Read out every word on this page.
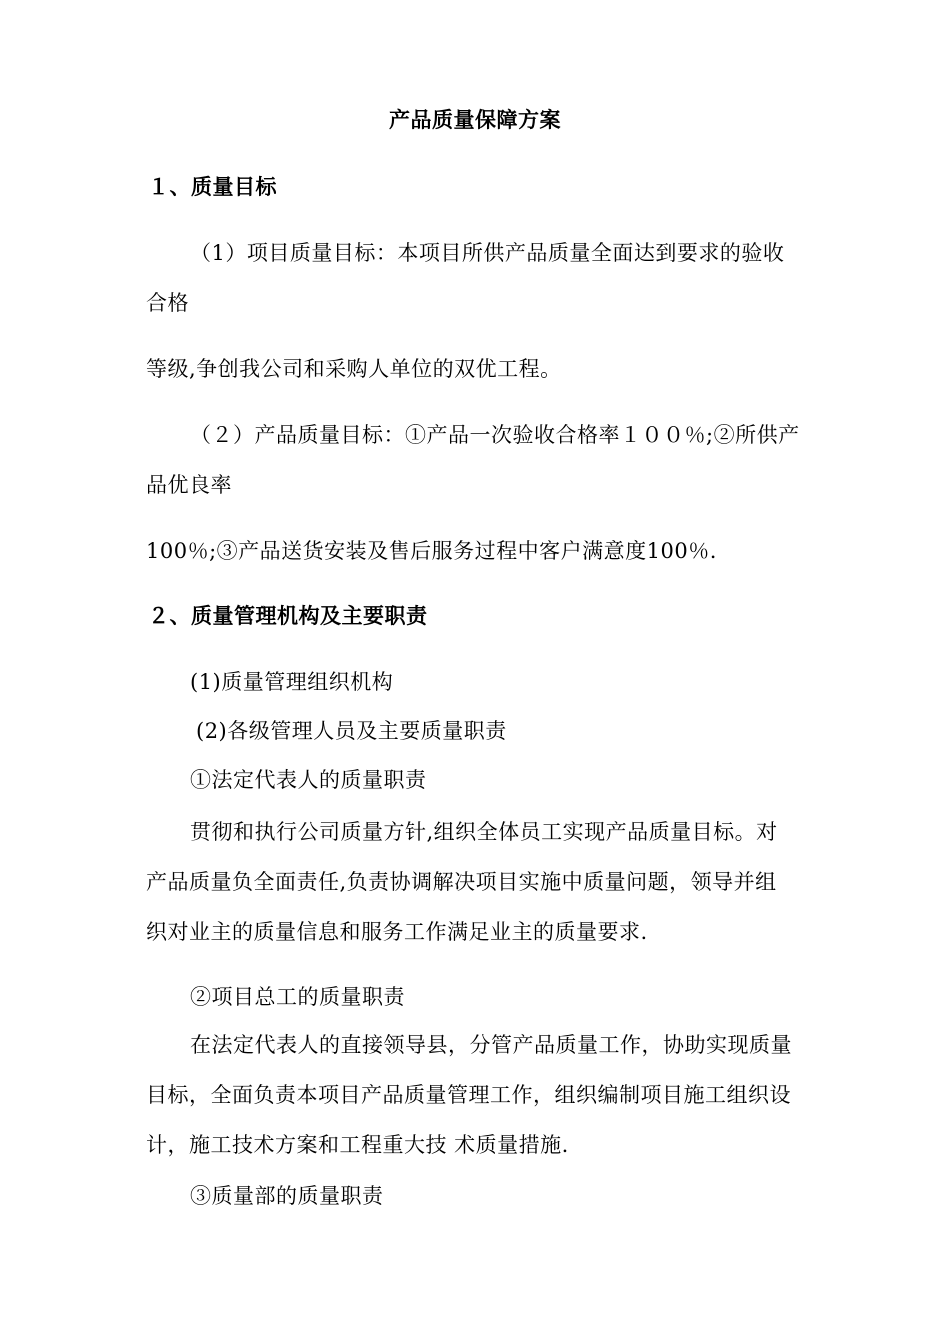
产品质量保障方案
１、质量目标
（1）项目质量目标：本项目所供产品质量全面达到要求的验收
合格
等级,争创我公司和采购人单位的双优工程。
（２）产品质量目标：①产品一次验收合格率１００％;②所供产
品优良率
100％;③产品送货安装及售后服务过程中客户满意度100％.
２、质量管理机构及主要职责
(1)质量管理组织机构
(2)各级管理人员及主要质量职责
①法定代表人的质量职责
贯彻和执行公司质量方针,组织全体员工实现产品质量目标。对
产品质量负全面责任,负责协调解决项目实施中质量问题，领导并组
织对业主的质量信息和服务工作满足业主的质量要求.
②项目总工的质量职责
在法定代表人的直接领导县，分管产品质量工作，协助实现质量
目标，全面负责本项目产品质量管理工作，组织编制项目施工组织设
计，施工技术方案和工程重大技 术质量措施.
③质量部的质量职责
